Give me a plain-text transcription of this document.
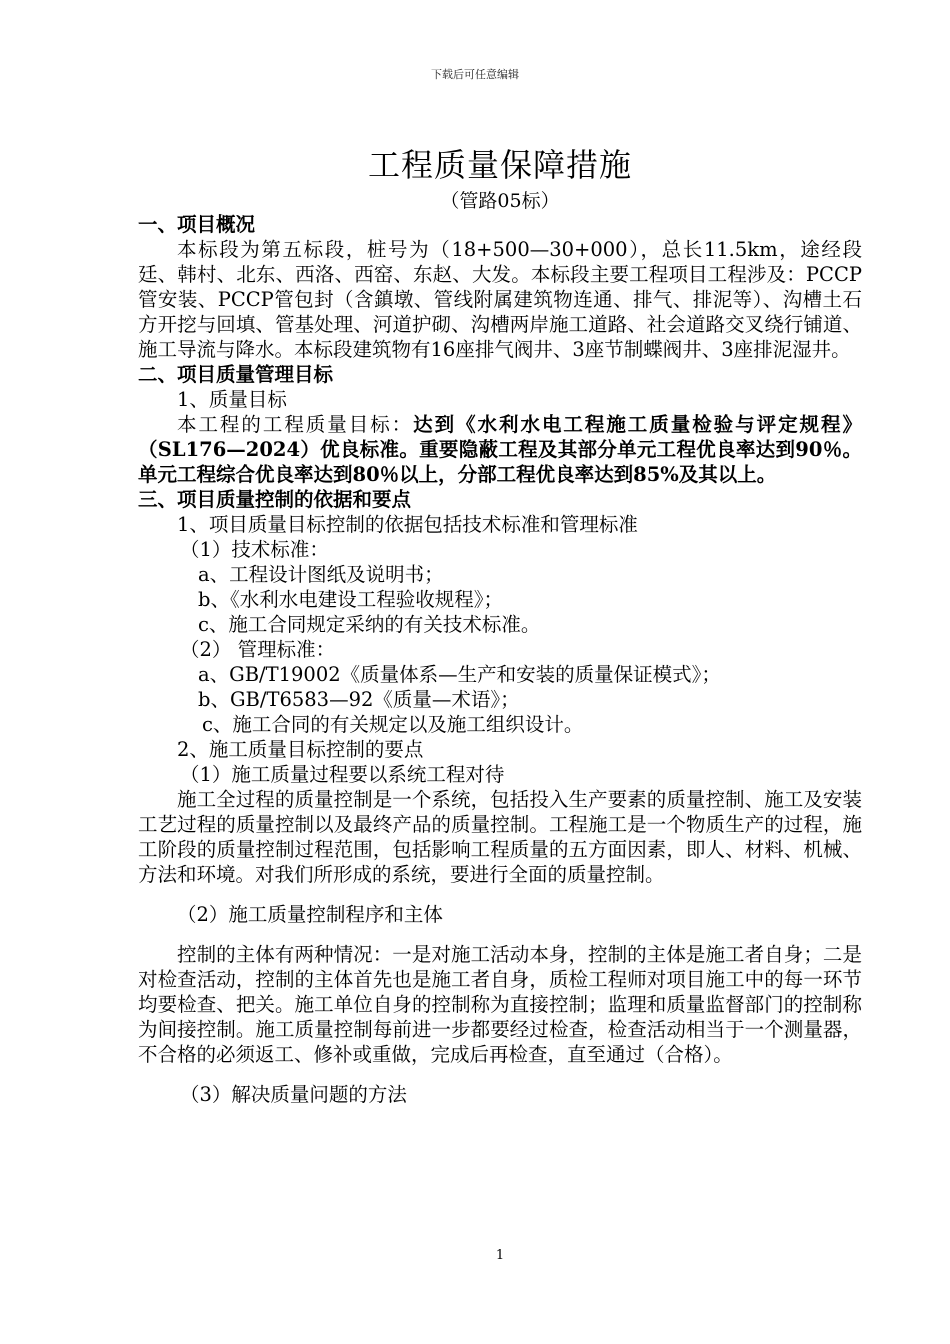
下载后可任意编辑
工程质量保障措施
（管路05标）

一、项目概况

本标段为第五标段，桩号为（18+500—30+000），总长11.5km，途经段廷、韩村、北东、西洛、西窑、东赵、大发。本标段主要工程项目工程涉及：PCCP管安装、PCCP管包封（含鎮墩、管线附属建筑物连通、排气、排泥等）、沟槽土石方开挖与回填、管基处理、河道护砌、沟槽两岸施工道路、社会道路交叉绕行铺道、施工导流与降水。本标段建筑物有16座排气阀井、3座节制蝶阀井、3座排泥湿井。

二、项目质量管理目标

1、质量目标

本工程的工程质量目标：达到《水利水电工程施工质量检验与评定规程》（SL176—2024）优良标准。重要隐蔽工程及其部分单元工程优良率达到90％。单元工程综合优良率达到80％以上，分部工程优良率达到85%及其以上。

三、项目质量控制的依据和要点

1、项目质量目标控制的依据包括技术标准和管理标准

（1）技术标准：

a、工程设计图纸及说明书；

b、《水利水电建设工程验收规程》；

c、施工合同规定采纳的有关技术标准。

（2） 管理标准：

a、GB/T19002《质量体系—生产和安装的质量保证模式》；

b、GB/T6583—92《质量—术语》；

c、施工合同的有关规定以及施工组织设计。

2、施工质量目标控制的要点

（1）施工质量过程要以系统工程对待

施工全过程的质量控制是一个系统，包括投入生产要素的质量控制、施工及安装工艺过程的质量控制以及最终产品的质量控制。工程施工是一个物质生产的过程，施工阶段的质量控制过程范围，包括影响工程质量的五方面因素，即人、材料、机械、方法和环境。对我们所形成的系统，要进行全面的质量控制。

（2）施工质量控制程序和主体

控制的主体有两种情况：一是对施工活动本身，控制的主体是施工者自身；二是对检查活动，控制的主体首先也是施工者自身，质检工程师对项目施工中的每一环节均要检查、把关。施工单位自身的控制称为直接控制；监理和质量监督部门的控制称为间接控制。施工质量控制每前进一步都要经过检查，检查活动相当于一个测量器，不合格的必须返工、修补或重做，完成后再检查，直至通过（合格）。

（3）解决质量问题的方法

1
